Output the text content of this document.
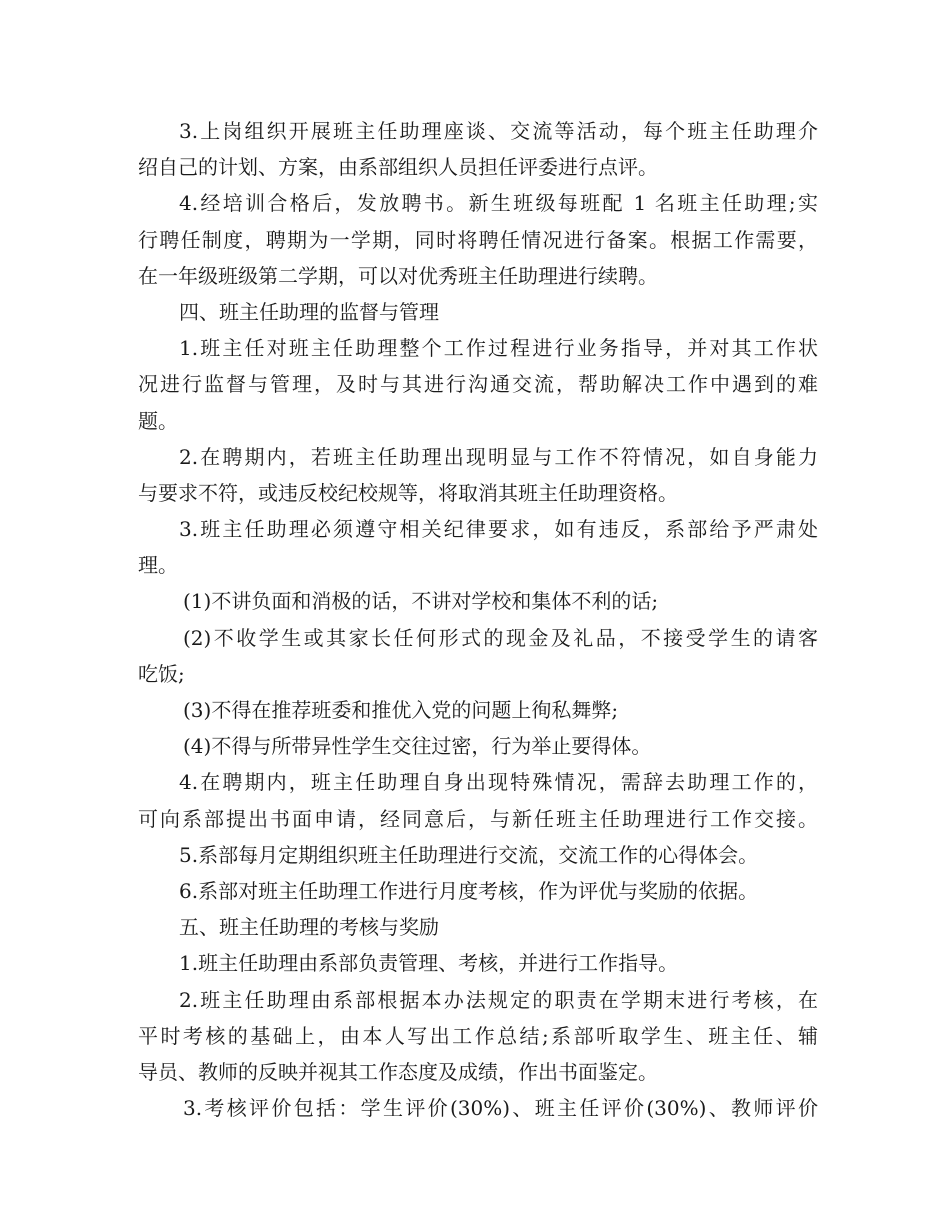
3.上岗组织开展班主任助理座谈、交流等活动，每个班主任助理介
绍自己的计划、方案，由系部组织人员担任评委进行点评。
4.经培训合格后，发放聘书。新生班级每班配 1 名班主任助理;实
行聘任制度，聘期为一学期，同时将聘任情况进行备案。根据工作需要，
在一年级班级第二学期，可以对优秀班主任助理进行续聘。
四、班主任助理的监督与管理
1.班主任对班主任助理整个工作过程进行业务指导，并对其工作状
况进行监督与管理，及时与其进行沟通交流，帮助解决工作中遇到的难
题。
2.在聘期内，若班主任助理出现明显与工作不符情况，如自身能力
与要求不符，或违反校纪校规等，将取消其班主任助理资格。
3.班主任助理必须遵守相关纪律要求，如有违反，系部给予严肃处
理。
(1)不讲负面和消极的话，不讲对学校和集体不利的话;
(2)不收学生或其家长任何形式的现金及礼品，不接受学生的请客
吃饭;
(3)不得在推荐班委和推优入党的问题上徇私舞弊;
(4)不得与所带异性学生交往过密，行为举止要得体。
4.在聘期内，班主任助理自身出现特殊情况，需辞去助理工作的，
可向系部提出书面申请，经同意后，与新任班主任助理进行工作交接。
5.系部每月定期组织班主任助理进行交流，交流工作的心得体会。
6.系部对班主任助理工作进行月度考核，作为评优与奖励的依据。
五、班主任助理的考核与奖励
1.班主任助理由系部负责管理、考核，并进行工作指导。
2.班主任助理由系部根据本办法规定的职责在学期末进行考核，在
平时考核的基础上，由本人写出工作总结;系部听取学生、班主任、辅
导员、教师的反映并视其工作态度及成绩，作出书面鉴定。
3.考核评价包括：学生评价(30%)、班主任评价(30%)、教师评价
